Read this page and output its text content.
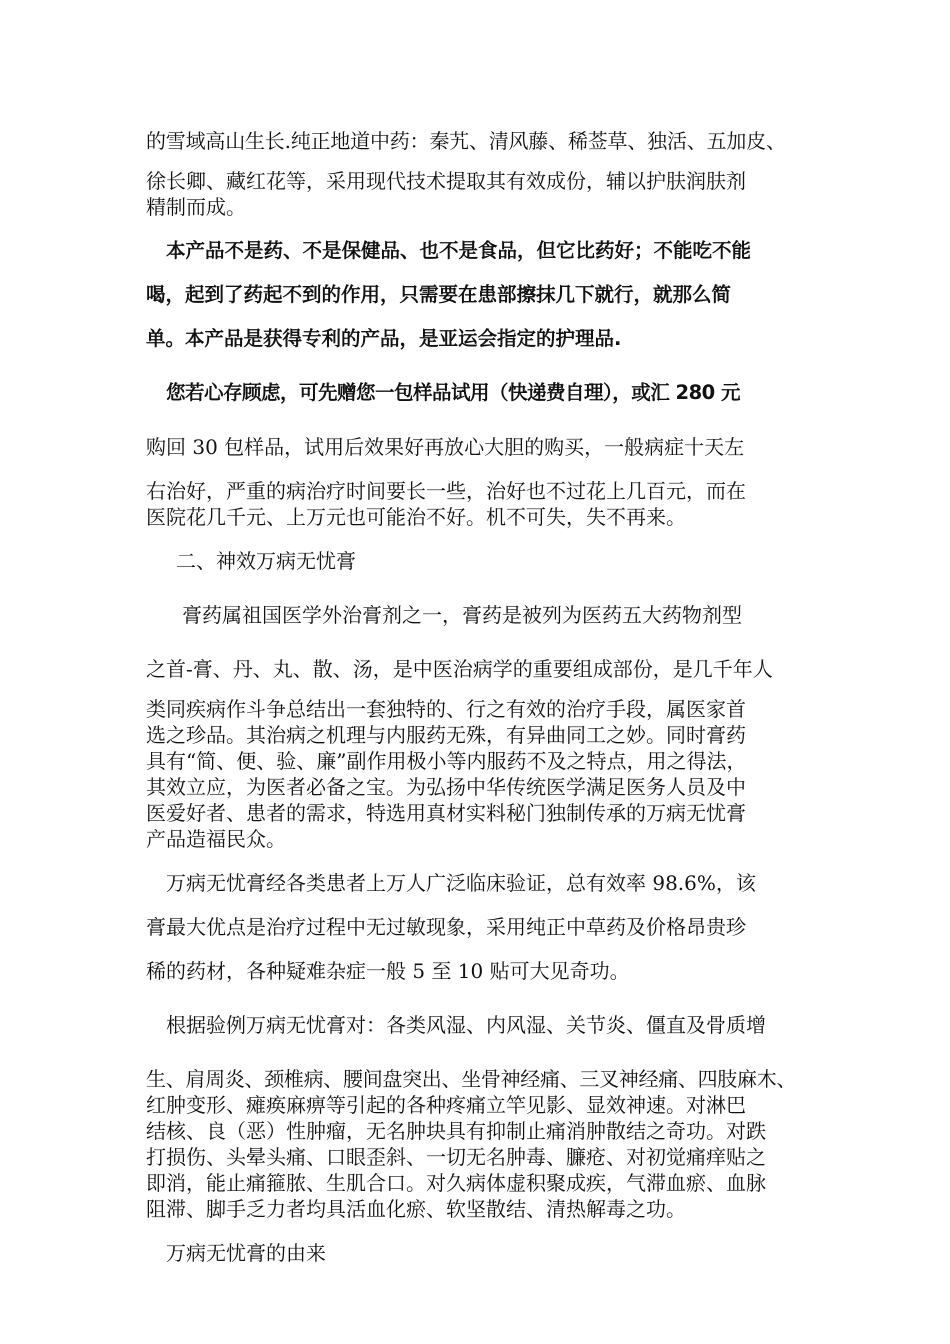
的雪域高山生长.纯正地道中药：秦艽、清风藤、稀莶草、独活、五加皮、
徐长卿、藏红花等，采用现代技术提取其有效成份，辅以护肤润肤剂
精制而成。
本产品不是药、不是保健品、也不是食品，但它比药好；不能吃不能
喝，起到了药起不到的作用，只需要在患部擦抹几下就行，就那么简
单。本产品是获得专利的产品，是亚运会指定的护理品.
您若心存顾虑，可先赠您一包样品试用（快递费自理），或汇 280 元
购回 30 包样品，试用后效果好再放心大胆的购买，一般病症十天左
右治好，严重的病治疗时间要长一些，治好也不过花上几百元，而在
医院花几千元、上万元也可能治不好。机不可失，失不再来。
二、神效万病无忧膏
膏药属祖国医学外治膏剂之一，膏药是被列为医药五大药物剂型
之首-膏、丹、丸、散、汤，是中医治病学的重要组成部份，是几千年人
类同疾病作斗争总结出一套独特的、行之有效的治疗手段，属医家首
选之珍品。其治病之机理与内服药无殊，有异曲同工之妙。同时膏药
具有“简、便、验、廉”副作用极小等内服药不及之特点，用之得法，
其效立应，为医者必备之宝。为弘扬中华传统医学满足医务人员及中
医爱好者、患者的需求，特选用真材实料秘门独制传承的万病无忧膏
产品造福民众。
万病无忧膏经各类患者上万人广泛临床验证，总有效率 98.6%，该
膏最大优点是治疗过程中无过敏现象，采用纯正中草药及价格昂贵珍
稀的药材，各种疑难杂症一般 5 至 10 贴可大见奇功。
根据验例万病无忧膏对：各类风湿、内风湿、关节炎、僵直及骨质增
生、肩周炎、颈椎病、腰间盘突出、坐骨神经痛、三叉神经痛、四肢麻木、
红肿变形、瘫痪麻痹等引起的各种疼痛立竿见影、显效神速。对淋巴
结核、良（恶）性肿瘤，无名肿块具有抑制止痛消肿散结之奇功。对跌
打损伤、头晕头痛、口眼歪斜、一切无名肿毒、臁疮、对初觉痛痒贴之
即消，能止痛箍脓、生肌合口。对久病体虚积聚成疾，气滞血瘀、血脉
阻滞、脚手乏力者均具活血化瘀、软坚散结、清热解毒之功。
万病无忧膏的由来
